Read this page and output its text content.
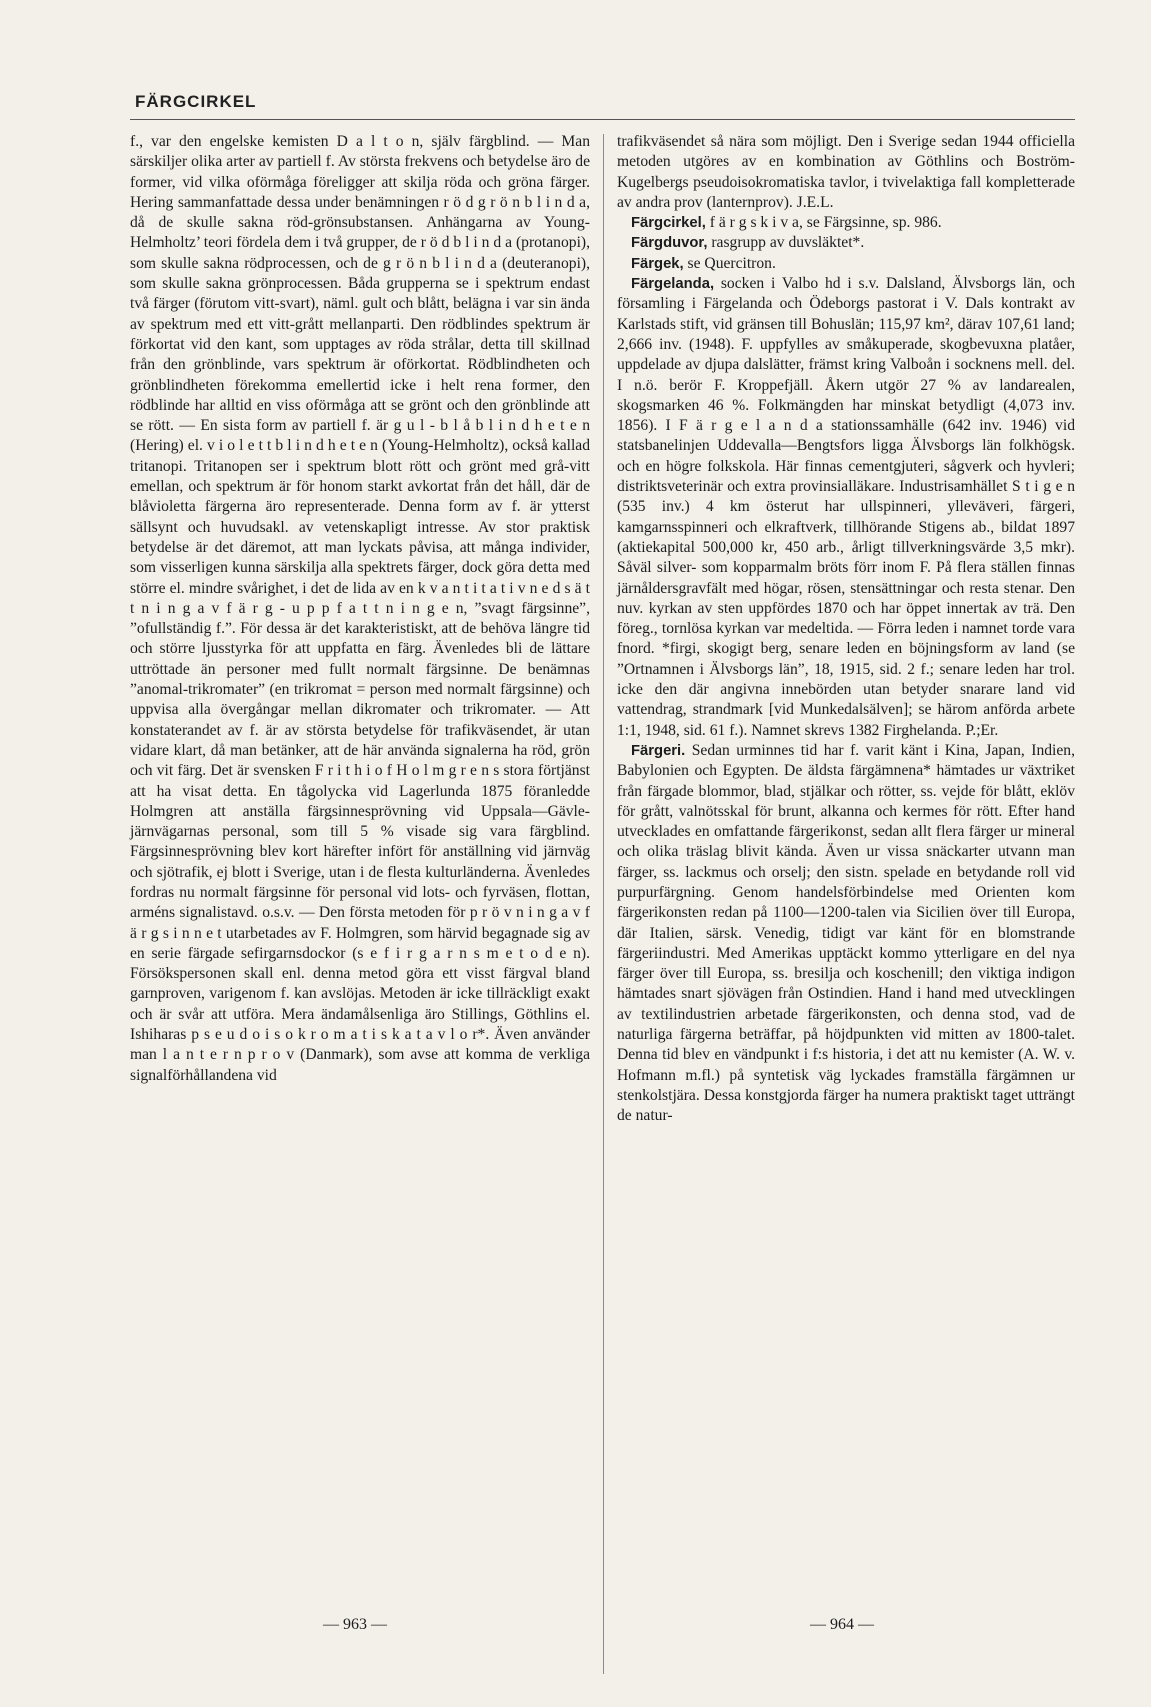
FÄRGCIRKEL

f., var den engelske kemisten D a l t o n, själv färgblind. — Man särskiljer olika arter av partiell f. Av största frekvens och betydelse äro de former, vid vilka oförmåga föreligger att skilja röda och gröna färger. Hering sammanfattade dessa under benämningen r ö d g r ö n b l i n d a, då de skulle sakna röd-grönsubstansen. Anhängarna av Young-Helmholtz’ teori fördela dem i två grupper, de r ö d b l i n d a (protanopi), som skulle sakna rödprocessen, och de g r ö n b l i n d a (deuteranopi), som skulle sakna grönprocessen. Båda grupperna se i spektrum endast två färger (förutom vitt-svart), näml. gult och blått, belägna i var sin ända av spektrum med ett vitt-grått mellanparti. Den rödblindes spektrum är förkortat vid den kant, som upptages av röda strålar, detta till skillnad från den grönblinde, vars spektrum är oförkortat. Rödblindheten och grönblindheten förekomma emellertid icke i helt rena former, den rödblinde har alltid en viss oförmåga att se grönt och den grönblinde att se rött. — En sista form av partiell f. är g u l - b l å b l i n d h e t e n (Hering) el. v i o l e t t b l i n d h e t e n (Young-Helmholtz), också kallad tritanopi. Tritanopen ser i spektrum blott rött och grönt med grå-vitt emellan, och spektrum är för honom starkt avkortat från det håll, där de blåvioletta färgerna äro representerade. Denna form av f. är ytterst sällsynt och huvudsakl. av vetenskapligt intresse. Av stor praktisk betydelse är det däremot, att man lyckats påvisa, att många individer, som visserligen kunna särskilja alla spektrets färger, dock göra detta med större el. mindre svårighet, i det de lida av en k v a n t i t a t i v n e d s ä t t n i n g a v f ä r g - u p p f a t t n i n g e n, ”svagt färgsinne”, ”ofullständig f.”. För dessa är det karakteristiskt, att de behöva längre tid och större ljusstyrka för att uppfatta en färg. Ävenledes bli de lättare uttröttade än personer med fullt normalt färgsinne. De benämnas ”anomal-trikromater” (en trikromat = person med normalt färgsinne) och uppvisa alla övergångar mellan dikromater och trikromater. — Att konstaterandet av f. är av största betydelse för trafikväsendet, är utan vidare klart, då man betänker, att de här använda signalerna ha röd, grön och vit färg. Det är svensken F r i t h i o f H o l m g r e n s stora förtjänst att ha visat detta. En tågolycka vid Lagerlunda 1875 föranledde Holmgren att anställa färgsinnesprövning vid Uppsala—Gävle-järnvägarnas personal, som till 5 % visade sig vara färgblind. Färgsinnesprövning blev kort härefter infört för anställning vid järnväg och sjötrafik, ej blott i Sverige, utan i de flesta kulturländerna. Ävenledes fordras nu normalt färgsinne för personal vid lots- och fyrväsen, flottan, arméns signalistavd. o.s.v. — Den första metoden för p r ö v n i n g a v f ä r g s i n n e t utarbetades av F. Holmgren, som härvid begagnade sig av en serie färgade sefirgarnsdockor (s e f i r g a r n s m e t o d e n). Försökspersonen skall enl. denna metod göra ett visst färgval bland garnproven, varigenom f. kan avslöjas. Metoden är icke tillräckligt exakt och är svår att utföra. Mera ändamålsenliga äro Stillings, Göthlins el. Ishiharas p s e u d o i s o k r o m a t i s k a t a v l o r*. Även använder man l a n t e r n p r o v (Danmark), som avse att komma de verkliga signalförhållandena vid

trafikväsendet så nära som möjligt. Den i Sverige sedan 1944 officiella metoden utgöres av en kombination av Göthlins och Boström-Kugelbergs pseudoisokromatiska tavlor, i tvivelaktiga fall kompletterade av andra prov (lanternprov). J.E.L.

Färgcirkel, f ä r g s k i v a, se Färgsinne, sp. 986.

Färgduvor, rasgrupp av duvsläktet*.

Färgek, se Quercitron.

Färgelanda, socken i Valbo hd i s.v. Dalsland, Älvsborgs län, och församling i Färgelanda och Ödeborgs pastorat i V. Dals kontrakt av Karlstads stift, vid gränsen till Bohuslän; 115,97 km², därav 107,61 land; 2,666 inv. (1948). F. uppfylles av småkuperade, skogbevuxna platåer, uppdelade av djupa dalslätter, främst kring Valboån i socknens mell. del. I n.ö. berör F. Kroppefjäll. Åkern utgör 27 % av landarealen, skogsmarken 46 %. Folkmängden har minskat betydligt (4,073 inv. 1856). I F ä r g e l a n d a stationssamhälle (642 inv. 1946) vid statsbanelinjen Uddevalla—Bengtsfors ligga Älvsborgs län folkhögsk. och en högre folkskola. Här finnas cementgjuteri, sågverk och hyvleri; distriktsveterinär och extra provinsialläkare. Industrisamhället S t i g e n (535 inv.) 4 km österut har ullspinneri, ylleväveri, färgeri, kamgarnsspinneri och elkraftverk, tillhörande Stigens ab., bildat 1897 (aktiekapital 500,000 kr, 450 arb., årligt tillverkningsvärde 3,5 mkr). Såväl silver- som kopparmalm bröts förr inom F. På flera ställen finnas järnåldersgravfält med högar, rösen, stensättningar och resta stenar. Den nuv. kyrkan av sten uppfördes 1870 och har öppet innertak av trä. Den föreg., tornlösa kyrkan var medeltida. — Förra leden i namnet torde vara fnord. *firgi, skogigt berg, senare leden en böjningsform av land (se ”Ortnamnen i Älvsborgs län”, 18, 1915, sid. 2 f.; senare leden har trol. icke den där angivna innebörden utan betyder snarare land vid vattendrag, strandmark [vid Munkedalsälven]; se härom anförda arbete 1:1, 1948, sid. 61 f.). Namnet skrevs 1382 Firghelanda. P.;Er.

Färgeri. Sedan urminnes tid har f. varit känt i Kina, Japan, Indien, Babylonien och Egypten. De äldsta färgämnena* hämtades ur växtriket från färgade blommor, blad, stjälkar och rötter, ss. vejde för blått, eklöv för grått, valnötsskal för brunt, alkanna och kermes för rött. Efter hand utvecklades en omfattande färgerikonst, sedan allt flera färger ur mineral och olika träslag blivit kända. Även ur vissa snäckarter utvann man färger, ss. lackmus och orselj; den sistn. spelade en betydande roll vid purpurfärgning. Genom handelsförbindelse med Orienten kom färgerikonsten redan på 1100—1200-talen via Sicilien över till Europa, där Italien, särsk. Venedig, tidigt var känt för en blomstrande färgeriindustri. Med Amerikas upptäckt kommo ytterligare en del nya färger över till Europa, ss. bresilja och koschenill; den viktiga indigon hämtades snart sjövägen från Ostindien. Hand i hand med utvecklingen av textilindustrien arbetade färgerikonsten, och denna stod, vad de naturliga färgerna beträffar, på höjdpunkten vid mitten av 1800-talet. Denna tid blev en vändpunkt i f:s historia, i det att nu kemister (A. W. v. Hofmann m.fl.) på syntetisk väg lyckades framställa färgämnen ur stenkolstjära. Dessa konstgjorda färger ha numera praktiskt taget utträngt de natur-

— 963 —	— 964 —
